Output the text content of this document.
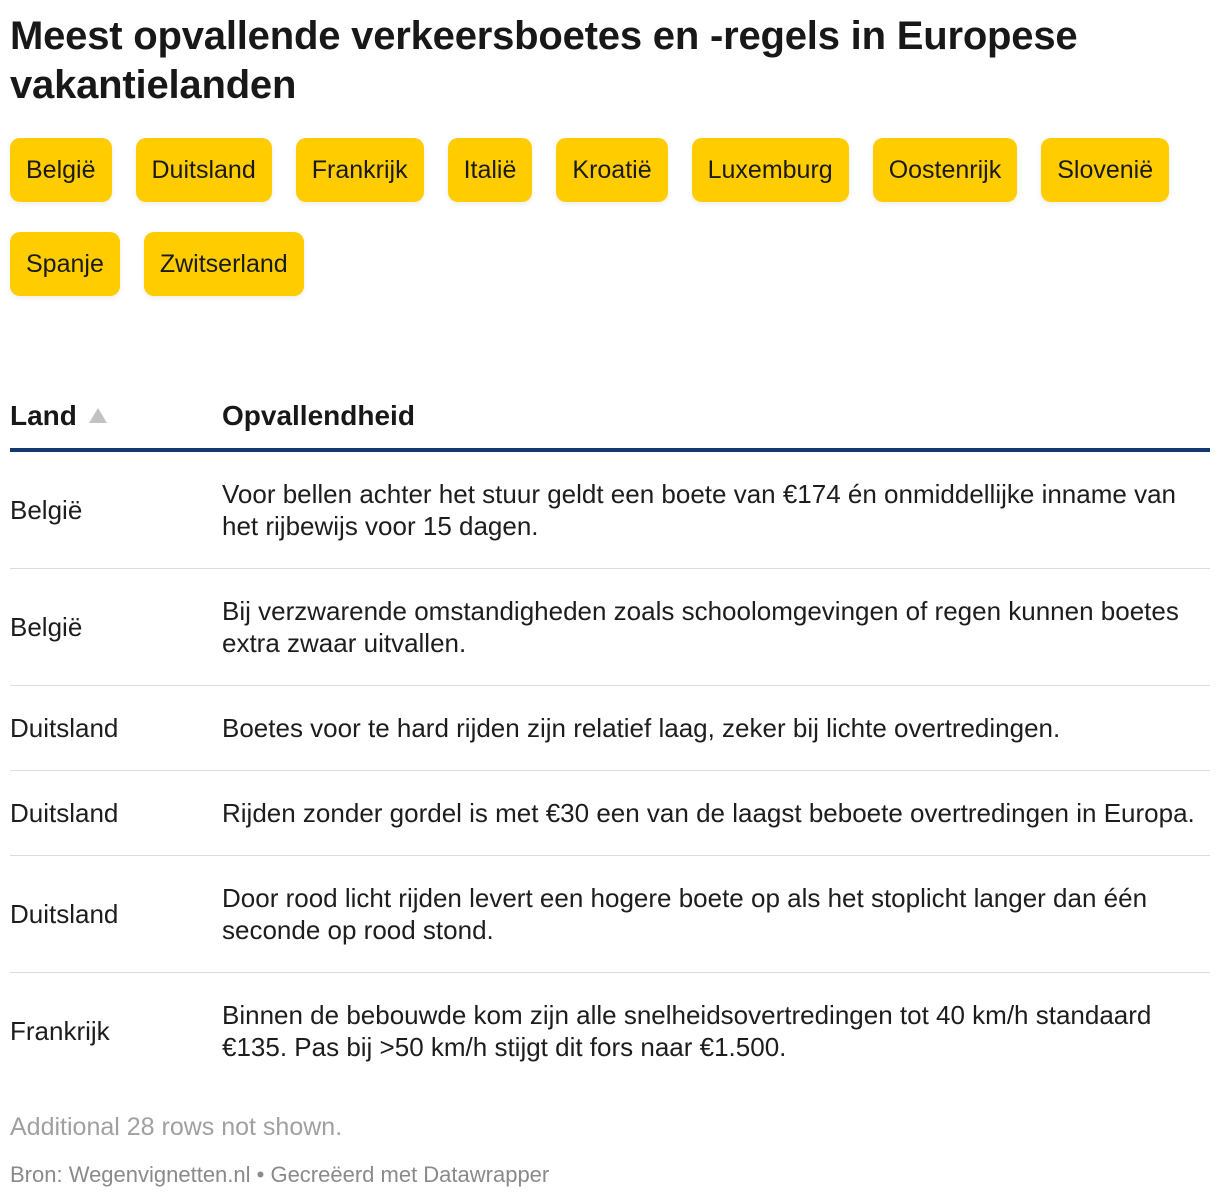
Meest opvallende verkeersboetes en -regels in Europese vakantielanden
België	Duitsland	Frankrijk	Italië	Kroatië	Luxemburg	Oostenrijk	Slovenië
Spanje	Zwitserland
Land	Opvallendheid
België	Voor bellen achter het stuur geldt een boete van €174 én onmiddellijke inname van het rijbewijs voor 15 dagen.
België	Bij verzwarende omstandigheden zoals schoolomgevingen of regen kunnen boetes extra zwaar uitvallen.
Duitsland	Boetes voor te hard rijden zijn relatief laag, zeker bij lichte overtredingen.
Duitsland	Rijden zonder gordel is met €30 een van de laagst beboete overtredingen in Europa.
Duitsland	Door rood licht rijden levert een hogere boete op als het stoplicht langer dan één seconde op rood stond.
Frankrijk	Binnen de bebouwde kom zijn alle snelheidsovertredingen tot 40 km/h standaard €135. Pas bij >50 km/h stijgt dit fors naar €1.500.
Additional 28 rows not shown.
Bron: Wegenvignetten.nl • Gecreëerd met Datawrapper
